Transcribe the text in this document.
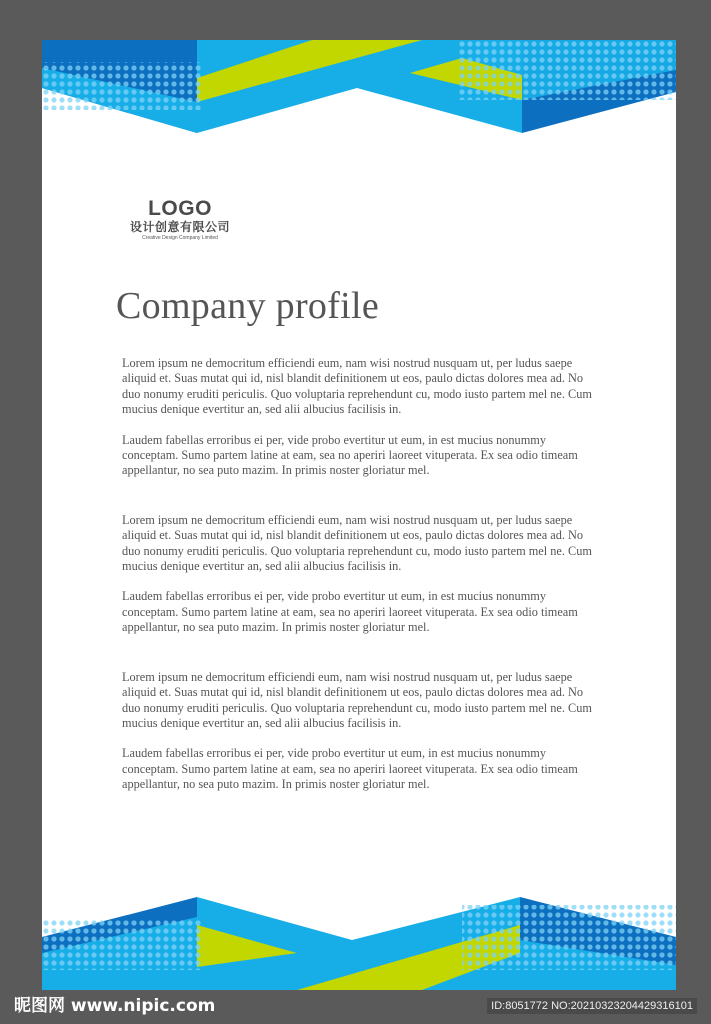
LOGO
设计创意有限公司
Creative Design Company Limited
Company profile

Lorem ipsum ne democritum efficiendi eum, nam wisi nostrud nusquam ut, per ludus saepe aliquid et. Suas mutat qui id, nisl blandit definitionem ut eos, paulo dictas dolores mea ad. No duo nonumy eruditi periculis. Quo voluptaria reprehendunt cu, modo iusto partem mel ne. Cum mucius denique evertitur an, sed alii albucius facilisis in.

Laudem fabellas erroribus ei per, vide probo evertitur ut eum, in est mucius nonummy conceptam. Sumo partem latine at eam, sea no aperiri laoreet vituperata. Ex sea odio timeam appellantur, no sea puto mazim. In primis noster gloriatur mel.

Lorem ipsum ne democritum efficiendi eum, nam wisi nostrud nusquam ut, per ludus saepe aliquid et. Suas mutat qui id, nisl blandit definitionem ut eos, paulo dictas dolores mea ad. No duo nonumy eruditi periculis. Quo voluptaria reprehendunt cu, modo iusto partem mel ne. Cum mucius denique evertitur an, sed alii albucius facilisis in.

Laudem fabellas erroribus ei per, vide probo evertitur ut eum, in est mucius nonummy conceptam. Sumo partem latine at eam, sea no aperiri laoreet vituperata. Ex sea odio timeam appellantur, no sea puto mazim. In primis noster gloriatur mel.

Lorem ipsum ne democritum efficiendi eum, nam wisi nostrud nusquam ut, per ludus saepe aliquid et. Suas mutat qui id, nisl blandit definitionem ut eos, paulo dictas dolores mea ad. No duo nonumy eruditi periculis. Quo voluptaria reprehendunt cu, modo iusto partem mel ne. Cum mucius denique evertitur an, sed alii albucius facilisis in.

Laudem fabellas erroribus ei per, vide probo evertitur ut eum, in est mucius nonummy conceptam. Sumo partem latine at eam, sea no aperiri laoreet vituperata. Ex sea odio timeam appellantur, no sea puto mazim. In primis noster gloriatur mel.

昵图网 www.nipic.com	ID:8051772 NO:20210323204429316101
